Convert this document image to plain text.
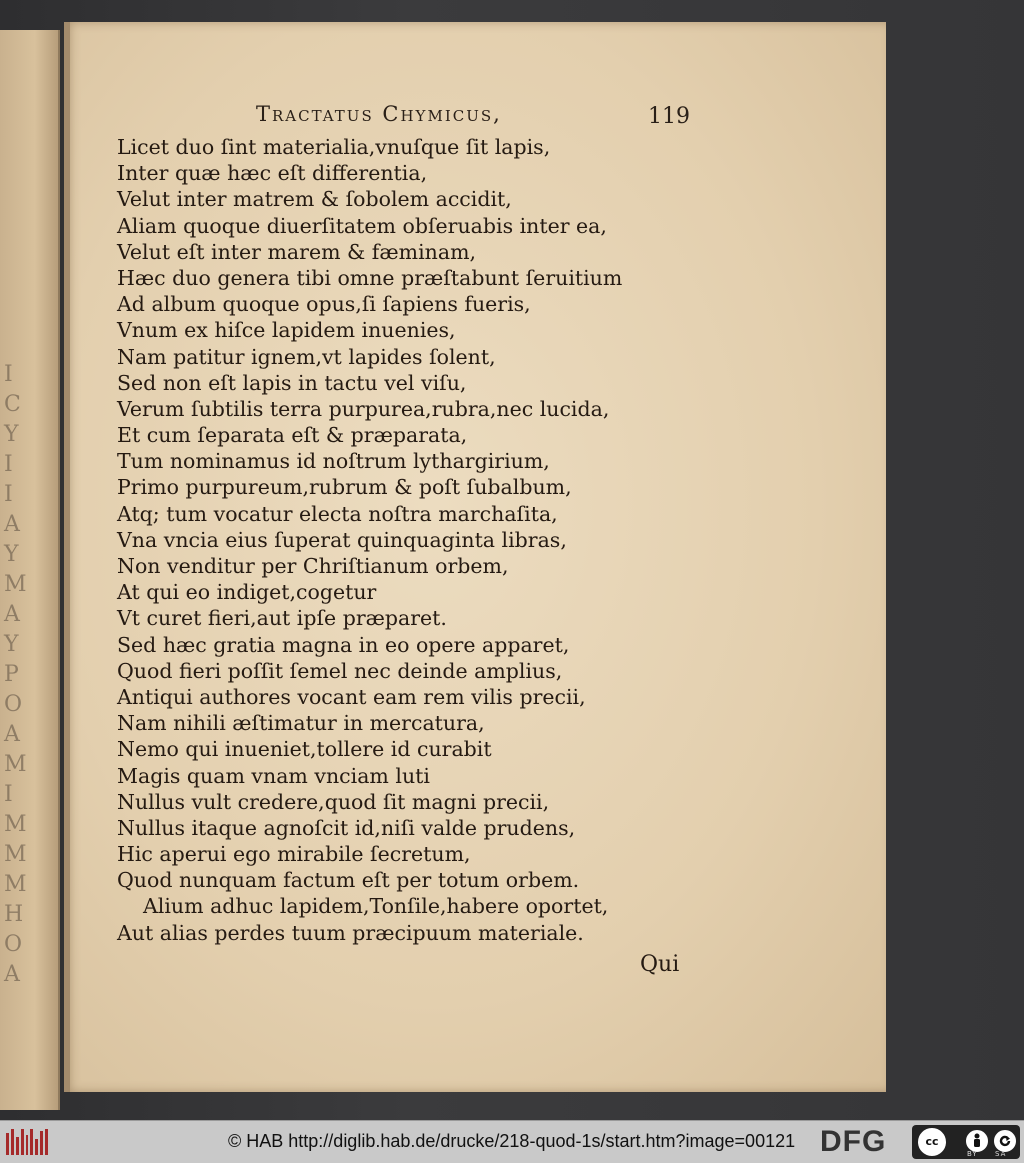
I
C
Y
I
I
A
Y
M
A
Y
P
O
A
M
I
M
M
M
H
O
A
Tractatus Chymicus,	119
Licet duo ſint materialia,vnuſque ſit lapis,
Inter quæ hæc eſt differentia,
Velut inter matrem & ſobolem accidit,
Aliam quoque diuerſitatem obſeruabis inter ea,
Velut eſt inter marem & fæminam,
Hæc duo genera tibi omne præſtabunt ſeruitium
Ad album quoque opus,ſi ſapiens fueris,
Vnum ex hiſce lapidem inuenies,
Nam patitur ignem,vt lapides ſolent,
Sed non eſt lapis in tactu vel viſu,
Verum ſubtilis terra purpurea,rubra,nec lucida,
Et cum ſeparata eſt & præparata,
Tum nominamus id noſtrum lythargirium,
Primo purpureum,rubrum & poſt ſubalbum,
Atq; tum vocatur electa noſtra marchaſita,
Vna vncia eius ſuperat quinquaginta libras,
Non venditur per Chriſtianum orbem,
At qui eo indiget,cogetur
Vt curet fieri,aut ipſe præparet.
Sed hæc gratia magna in eo opere apparet,
Quod fieri poſſit ſemel nec deinde amplius,
Antiqui authores vocant eam rem vilis precii,
Nam nihili æſtimatur in mercatura,
Nemo qui inueniet,tollere id curabit
Magis quam vnam vnciam luti
Nullus vult credere,quod ſit magni precii,
Nullus itaque agnoſcit id,niſi valde prudens,
Hic aperui ego mirabile ſecretum,
Quod nunquam factum eſt per totum orbem.
Alium adhuc lapidem,Tonſile,habere oportet,
Aut alias perdes tuum præcipuum materiale.
Qui
© HAB http://diglib.hab.de/drucke/218-quod-1s/start.htm?image=00121 DFG	cc
BY SA
